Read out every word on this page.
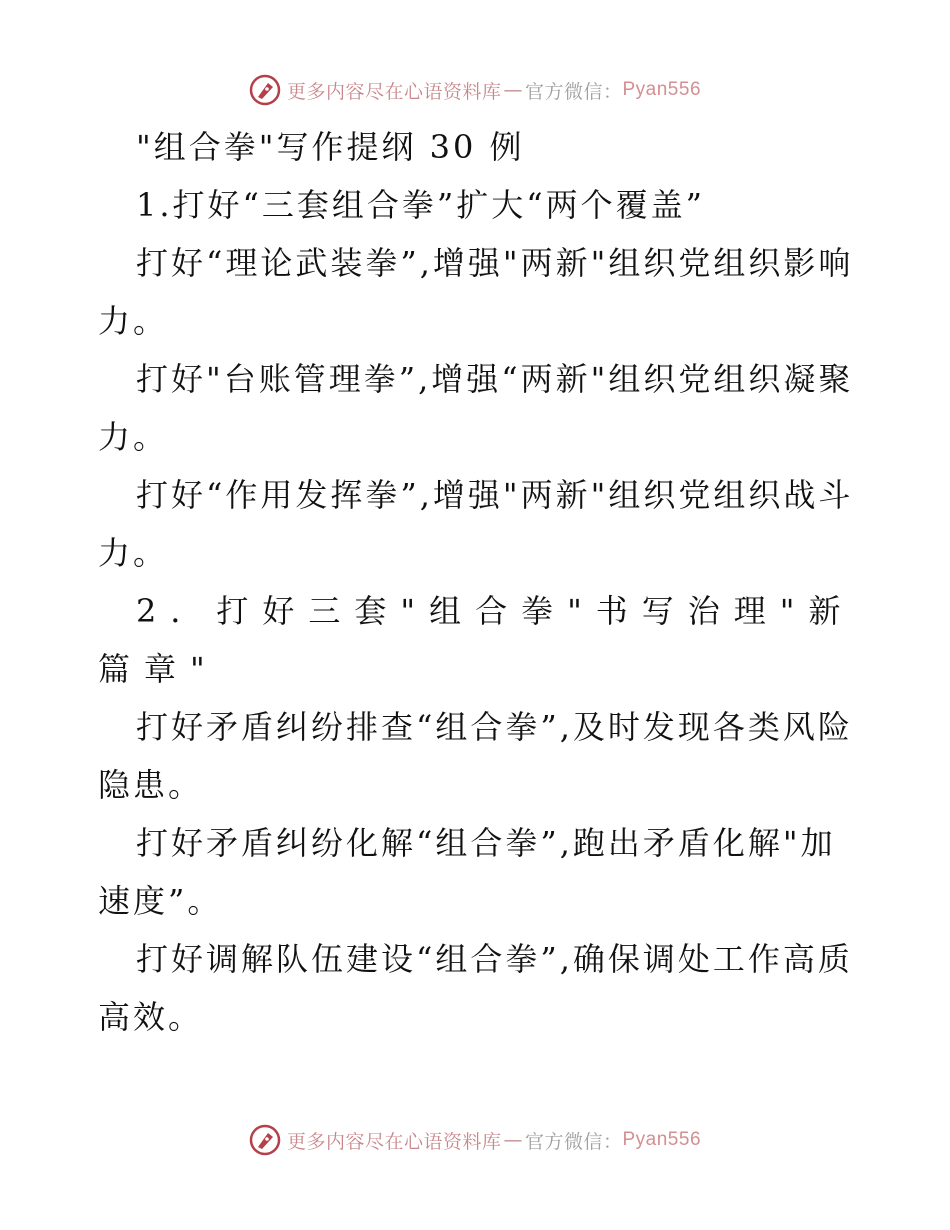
更多内容尽在心语资料库 — 官方微信： Pyan556

"组合拳"写作提纲 30 例

1.打好“三套组合拳”扩大“两个覆盖”

打好“理论武装拳”,增强"两新"组织党组织影响力。

打好"台账管理拳”,增强“两新"组织党组织凝聚力。

打好“作用发挥拳”,增强"两新"组织党组织战斗力。

2．打好三套"组合拳"书写治理"新篇章"

打好矛盾纠纷排查“组合拳”,及时发现各类风险隐患。

打好矛盾纠纷化解“组合拳”,跑出矛盾化解"加速度”。

打好调解队伍建设“组合拳”,确保调处工作高质高效。

更多内容尽在心语资料库 — 官方微信： Pyan556
